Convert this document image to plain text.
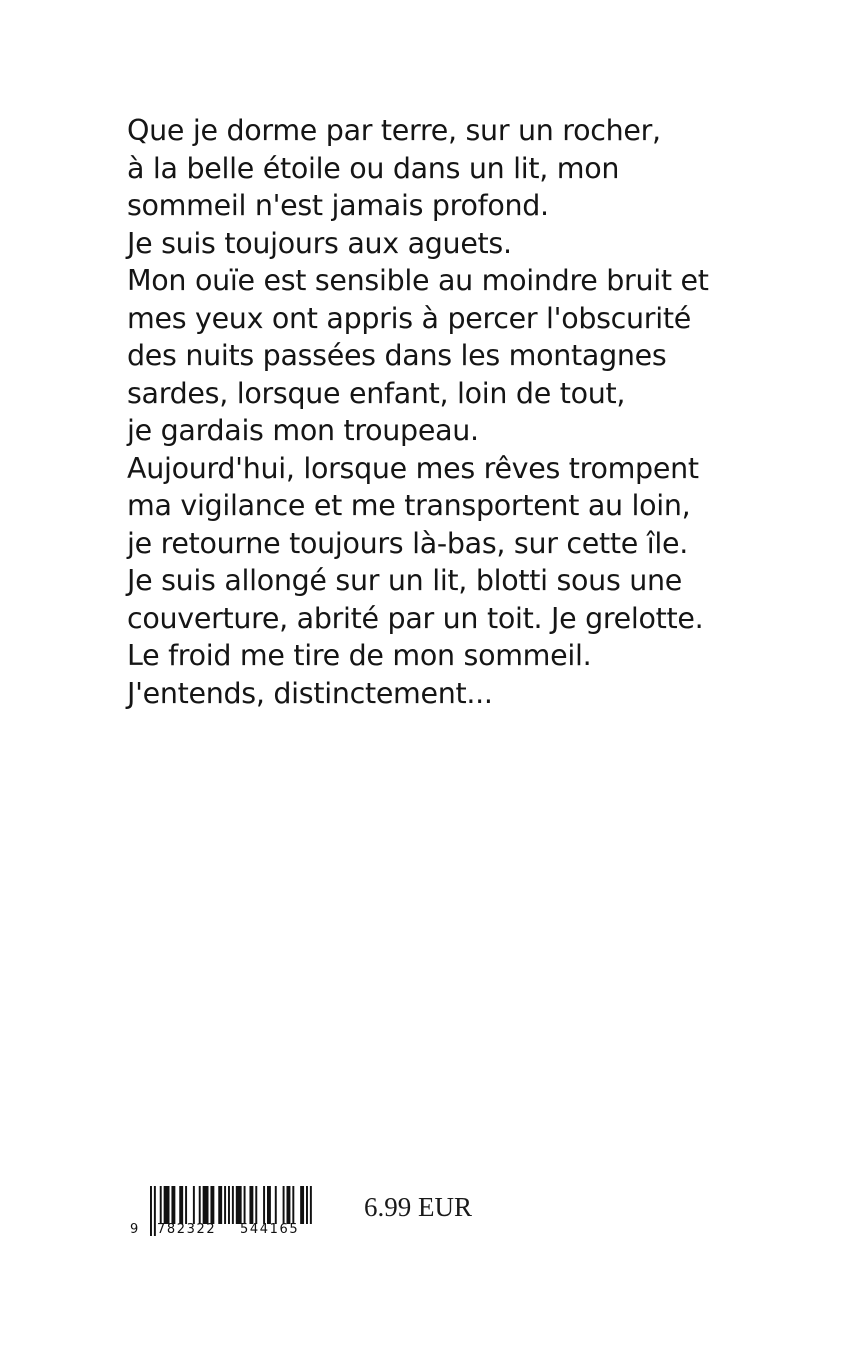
Que je dorme par terre, sur un rocher,
à la belle étoile ou dans un lit, mon
sommeil n'est jamais profond.
Je suis toujours aux aguets.
Mon ouïe est sensible au moindre bruit et
mes yeux ont appris à percer l'obscurité
des nuits passées dans les montagnes
sardes, lorsque enfant, loin de tout,
je gardais mon troupeau.
Aujourd'hui, lorsque mes rêves trompent
ma vigilance et me transportent au loin,
je retourne toujours là-bas, sur cette île.
Je suis allongé sur un lit, blotti sous une
couverture, abrité par un toit. Je grelotte.
Le froid me tire de mon sommeil.
J'entends, distinctement...
9 782322 544165
6.99 EUR
